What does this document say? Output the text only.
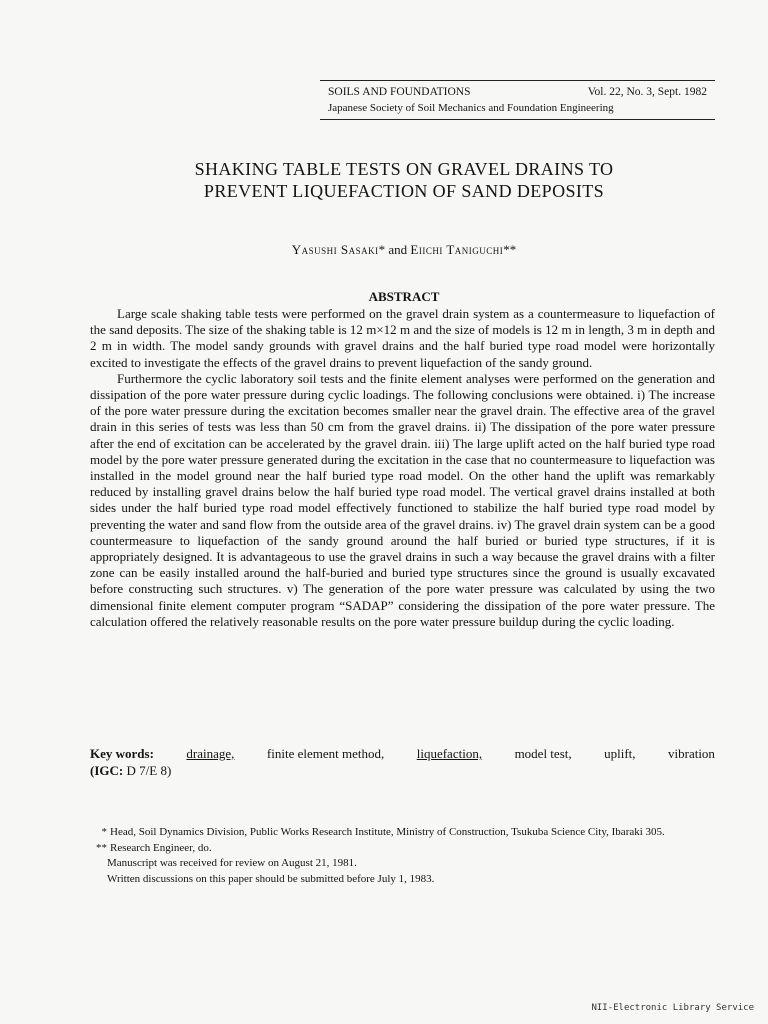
SOILS AND FOUNDATIONS	Vol. 22, No. 3, Sept. 1982
Japanese Society of Soil Mechanics and Foundation Engineering
SHAKING TABLE TESTS ON GRAVEL DRAINS TO
PREVENT LIQUEFACTION OF SAND DEPOSITS
Yasushi Sasaki* and Eiichi Taniguchi**
ABSTRACT

Large scale shaking table tests were performed on the gravel drain system as a countermeasure to liquefaction of the sand deposits. The size of the shaking table is 12 m×12 m and the size of models is 12 m in length, 3 m in depth and 2 m in width. The model sandy grounds with gravel drains and the half buried type road model were horizontally excited to investigate the effects of the gravel drains to prevent liquefaction of the sandy ground.

Furthermore the cyclic laboratory soil tests and the finite element analyses were performed on the generation and dissipation of the pore water pressure during cyclic loadings. The following conclusions were obtained. i) The increase of the pore water pressure during the excitation becomes smaller near the gravel drain. The effective area of the gravel drain in this series of tests was less than 50 cm from the gravel drains. ii) The dissipation of the pore water pressure after the end of excitation can be accelerated by the gravel drain. iii) The large uplift acted on the half buried type road model by the pore water pressure generated during the excitation in the case that no countermeasure to liquefaction was installed in the model ground near the half buried type road model. On the other hand the uplift was remarkably reduced by installing gravel drains below the half buried type road model. The vertical gravel drains installed at both sides under the half buried type road model effectively functioned to stabilize the half buried type road model by preventing the water and sand flow from the outside area of the gravel drains. iv) The gravel drain system can be a good countermeasure to liquefaction of the sandy ground around the half buried or buried type structures, if it is appropriately designed. It is advantageous to use the gravel drains in such a way because the gravel drains with a filter zone can be easily installed around the half-buried and buried type structures since the ground is usually excavated before constructing such structures. v) The generation of the pore water pressure was calculated by using the two dimensional finite element computer program “SADAP” considering the dissipation of the pore water pressure. The calculation offered the relatively reasonable results on the pore water pressure buildup during the cyclic loading.

Key words: drainage, finite element method, liquefaction, model test, uplift, vibration
(IGC: D 7/E 8)
* Head, Soil Dynamics Division, Public Works Research Institute, Ministry of Construction, Tsukuba Science City, Ibaraki 305.
** Research Engineer, do.
Manuscript was received for review on August 21, 1981.
Written discussions on this paper should be submitted before July 1, 1983.
NII-Electronic Library Service
